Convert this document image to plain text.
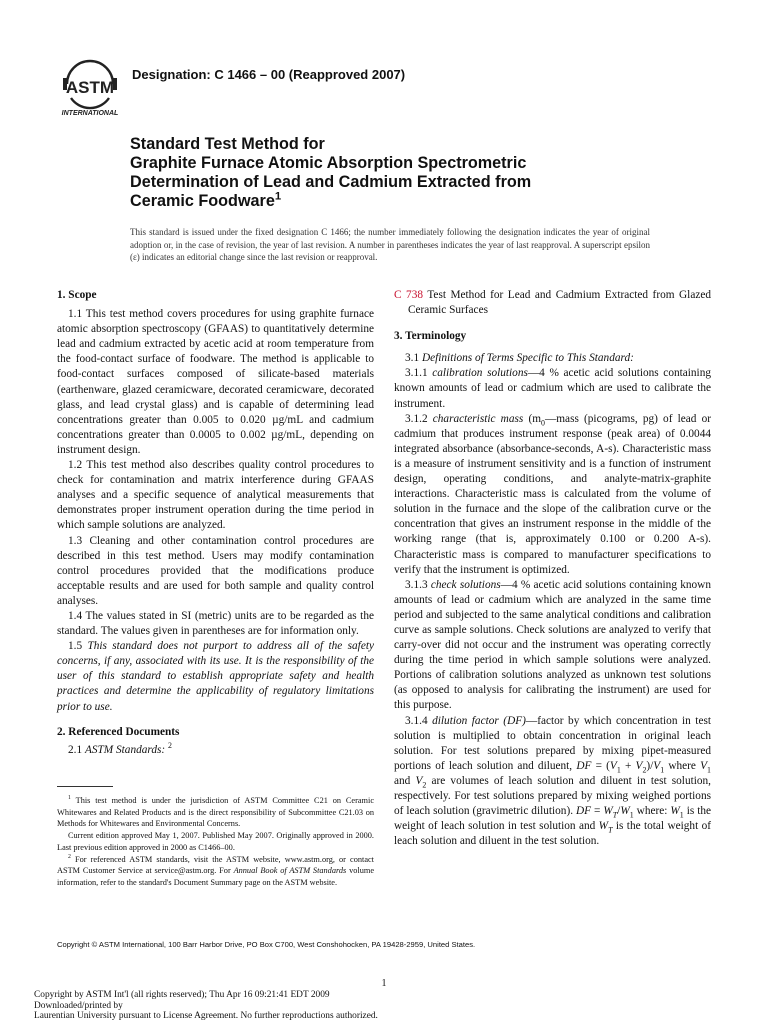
ASTM
INTERNATIONAL
Designation: C 1466 – 00 (Reapproved 2007)
Standard Test Method for
Graphite Furnace Atomic Absorption Spectrometric
Determination of Lead and Cadmium Extracted from
Ceramic Foodware$^1$
This standard is issued under the fixed designation C 1466; the number immediately following the designation indicates the year of original adoption or, in the case of revision, the year of last revision. A number in parentheses indicates the year of last reapproval. A superscript epsilon (ε) indicates an editorial change since the last revision or reapproval.
1. Scope

1.1 This test method covers procedures for using graphite furnace atomic absorption spectroscopy (GFAAS) to quantitatively determine lead and cadmium extracted by acetic acid at room temperature from the food-contact surface of foodware. The method is applicable to food-contact surfaces composed of silicate-based materials (earthenware, glazed ceramicware, decorated ceramicware, decorated glass, and lead crystal glass) and is capable of determining lead concentrations greater than 0.005 to 0.020 µg/mL and cadmium concentrations greater than 0.0005 to 0.002 µg/mL, depending on instrument design.

1.2 This test method also describes quality control procedures to check for contamination and matrix interference during GFAAS analyses and a specific sequence of analytical measurements that demonstrates proper instrument operation during the time period in which sample solutions are analyzed.

1.3 Cleaning and other contamination control procedures are described in this test method. Users may modify contamination control procedures provided that the modifications produce acceptable results and are used for both sample and quality control analyses.

1.4 The values stated in SI (metric) units are to be regarded as the standard. The values given in parentheses are for information only.

1.5 This standard does not purport to address all of the safety concerns, if any, associated with its use. It is the responsibility of the user of this standard to establish appropriate safety and health practices and determine the applicability of regulatory limitations prior to use.

2. Referenced Documents

2.1 ASTM Standards: $^2$

$^1$ This test method is under the jurisdiction of ASTM Committee C21 on Ceramic Whitewares and Related Products and is the direct responsibility of Subcommittee C21.03 on Methods for Whitewares and Environmental Concerns.

Current edition approved May 1, 2007. Published May 2007. Originally approved in 2000. Last previous edition approved in 2000 as C1466–00.

$^2$ For referenced ASTM standards, visit the ASTM website, www.astm.org, or contact ASTM Customer Service at service@astm.org. For Annual Book of ASTM Standards volume information, refer to the standard's Document Summary page on the ASTM website.

C 738 Test Method for Lead and Cadmium Extracted from Glazed Ceramic Surfaces

3. Terminology

3.1 Definitions of Terms Specific to This Standard:

3.1.1 calibration solutions—4 % acetic acid solutions containing known amounts of lead or cadmium which are used to calibrate the instrument.

3.1.2 characteristic mass ($m_0—mass$ (picograms, pg) of lead or cadmium that produces instrument response (peak area) of 0.0044 integrated absorbance (absorbance-seconds, A-s). Characteristic mass is a measure of instrument sensitivity and is a function of instrument design, operating conditions, and analyte-matrix-graphite interactions. Characteristic mass is calculated from the volume of solution in the furnace and the slope of the calibration curve or the concentration that gives an instrument response in the middle of the working range (that is, approximately 0.100 or 0.200 A-s). Characteristic mass is compared to manufacturer specifications to verify that the instrument is optimized.

3.1.3 check solutions—4 % acetic acid solutions containing known amounts of lead or cadmium which are analyzed in the same time period and subjected to the same analytical conditions and calibration curve as sample solutions. Check solutions are analyzed to verify that carry-over did not occur and the instrument was operating correctly during the time period in which sample solutions were analyzed. Portions of calibration solutions analyzed as unknown test solutions (as opposed to analysis for calibrating the instrument) are used for this purpose.

3.1.4 dilution factor (DF)—factor by which concentration in test solution is multiplied to obtain concentration in original leach solution. For test solutions prepared by mixing pipet-measured portions of leach solution and diluent, DF = $(V_1 + V_2)/V_1$ where $V_1$ and $V_2$ are volumes of leach solution and diluent in test solution, respectively. For test solutions prepared by mixing weighed portions of leach solution (gravimetric dilution). DF = $W_T/W_1$ where: $W_1$ is the weight of leach solution in test solution and $W_T$ is the total weight of leach solution and diluent in the test solution.

Copyright © ASTM International, 100 Barr Harbor Drive, PO Box C700, West Conshohocken, PA 19428-2959, United States.
1
Copyright by ASTM Int'l (all rights reserved); Thu Apr 16 09:21:41 EDT 2009
Downloaded/printed by
Laurentian University pursuant to License Agreement. No further reproductions authorized.
